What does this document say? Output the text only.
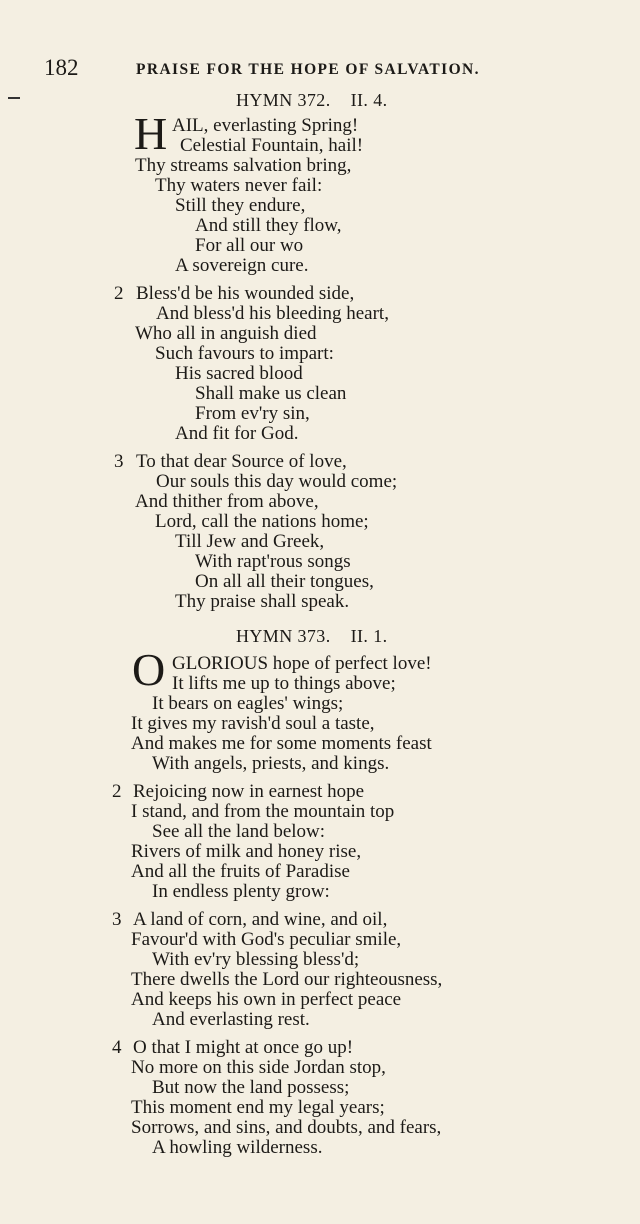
182	PRAISE FOR THE HOPE OF SALVATION.
HYMN 372. II. 4.
H AIL, everlasting Spring!
Celestial Fountain, hail!
Thy streams salvation bring,
Thy waters never fail:
Still they endure,
And still they flow,
For all our wo
A sovereign cure.
2 Bless'd be his wounded side,
And bless'd his bleeding heart,
Who all in anguish died
Such favours to impart:
His sacred blood
Shall make us clean
From ev'ry sin,
And fit for God.
3 To that dear Source of love,
Our souls this day would come;
And thither from above,
Lord, call the nations home;
Till Jew and Greek,
With rapt'rous songs
On all all their tongues,
Thy praise shall speak.
HYMN 373. II. 1.
O GLORIOUS hope of perfect love!
It lifts me up to things above;
It bears on eagles' wings;
It gives my ravish'd soul a taste,
And makes me for some moments feast
With angels, priests, and kings.
2 Rejoicing now in earnest hope
I stand, and from the mountain top
See all the land below:
Rivers of milk and honey rise,
And all the fruits of Paradise
In endless plenty grow:
3 A land of corn, and wine, and oil,
Favour'd with God's peculiar smile,
With ev'ry blessing bless'd;
There dwells the Lord our righteousness,
And keeps his own in perfect peace
And everlasting rest.
4 O that I might at once go up!
No more on this side Jordan stop,
But now the land possess;
This moment end my legal years;
Sorrows, and sins, and doubts, and fears,
A howling wilderness.
